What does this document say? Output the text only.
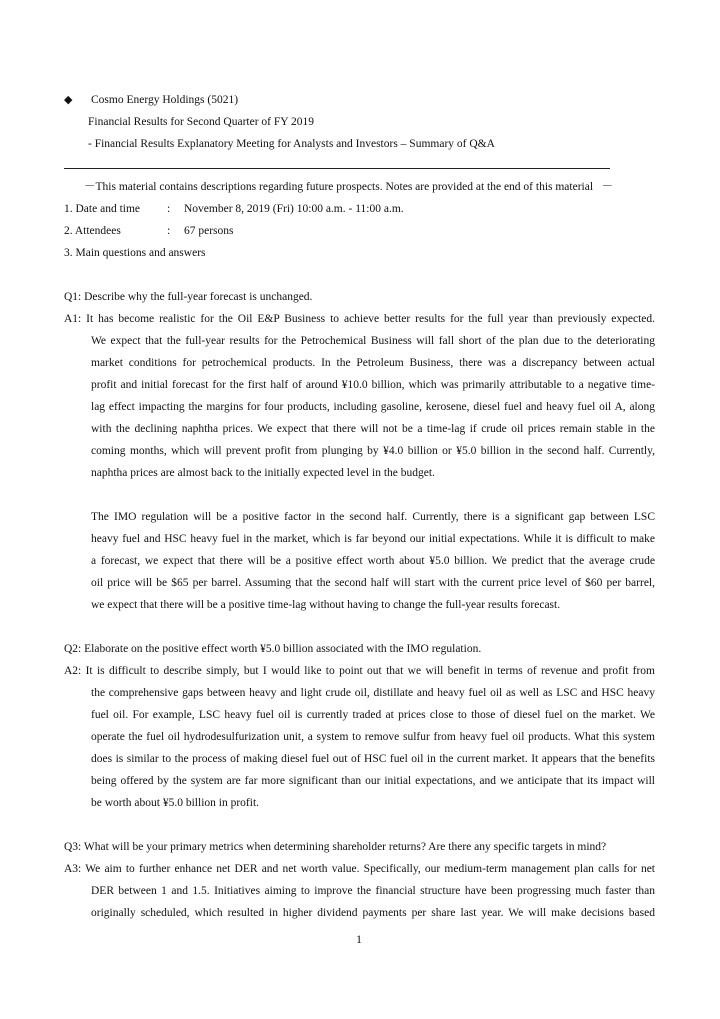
◆ Cosmo Energy Holdings (5021)
Financial Results for Second Quarter of FY 2019
- Financial Results Explanatory Meeting for Analysts and Investors – Summary of Q&A
－This material contains descriptions regarding future prospects. Notes are provided at the end of this material －
1. Date and time : November 8, 2019 (Fri) 10:00 a.m. - 11:00 a.m.
2. Attendees	: 67 persons
3. Main questions and answers
Q1: Describe why the full-year forecast is unchanged.
A1: It has become realistic for the Oil E&P Business to achieve better results for the full year than previously expected.
We expect that the full-year results for the Petrochemical Business will fall short of the plan due to the deteriorating
market conditions for petrochemical products. In the Petroleum Business, there was a discrepancy between actual
profit and initial forecast for the first half of around ¥10.0 billion, which was primarily attributable to a negative time-
lag effect impacting the margins for four products, including gasoline, kerosene, diesel fuel and heavy fuel oil A, along
with the declining naphtha prices. We expect that there will not be a time-lag if crude oil prices remain stable in the
coming months, which will prevent profit from plunging by ¥4.0 billion or ¥5.0 billion in the second half. Currently,
naphtha prices are almost back to the initially expected level in the budget.
The IMO regulation will be a positive factor in the second half. Currently, there is a significant gap between LSC
heavy fuel and HSC heavy fuel in the market, which is far beyond our initial expectations. While it is difficult to make
a forecast, we expect that there will be a positive effect worth about ¥5.0 billion. We predict that the average crude
oil price will be $65 per barrel. Assuming that the second half will start with the current price level of $60 per barrel,
we expect that there will be a positive time-lag without having to change the full-year results forecast.
Q2: Elaborate on the positive effect worth ¥5.0 billion associated with the IMO regulation.
A2: It is difficult to describe simply, but I would like to point out that we will benefit in terms of revenue and profit from
the comprehensive gaps between heavy and light crude oil, distillate and heavy fuel oil as well as LSC and HSC heavy
fuel oil. For example, LSC heavy fuel oil is currently traded at prices close to those of diesel fuel on the market. We
operate the fuel oil hydrodesulfurization unit, a system to remove sulfur from heavy fuel oil products. What this system
does is similar to the process of making diesel fuel out of HSC fuel oil in the current market. It appears that the benefits
being offered by the system are far more significant than our initial expectations, and we anticipate that its impact will
be worth about ¥5.0 billion in profit.
Q3: What will be your primary metrics when determining shareholder returns? Are there any specific targets in mind?
A3: We aim to further enhance net DER and net worth value. Specifically, our medium-term management plan calls for net
DER between 1 and 1.5. Initiatives aiming to improve the financial structure have been progressing much faster than
originally scheduled, which resulted in higher dividend payments per share last year. We will make decisions based
1
